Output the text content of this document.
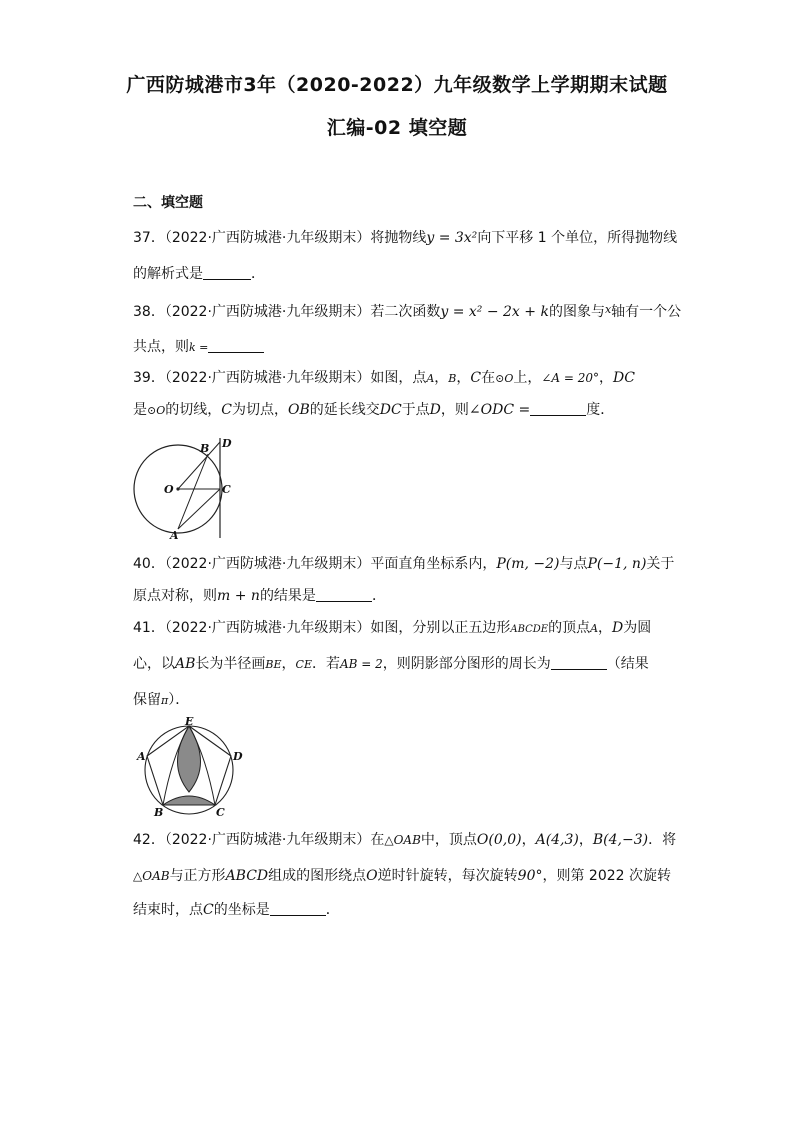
广西防城港市3年（2020-2022）九年级数学上学期期末试题
汇编-02 填空题
二、填空题
37．（2022·广西防城港·九年级期末）将抛物线y = 3x²向下平移 1 个单位，所得抛物线
的解析式是	．
38．（2022·广西防城港·九年级期末）若二次函数y = x² − 2x + k的图象与$^x$轴有一个公
共点，则k =
39．（2022·广西防城港·九年级期末）如图，点A，B，C在⊙O上，∠A = 20°，DC
是⊙O的切线，C为切点，OB的延长线交DC于点D，则∠ODC =	度．
B D
O	C
A
40．（2022·广西防城港·九年级期末）平面直角坐标系内，P(m, −2)与点P(−1, n)关于
原点对称，则m + n的结果是	．
41．（2022·广西防城港·九年级期末）如图，分别以正五边形ABCDE的顶点A，D为圆
心，以AB长为半径画BE，CE．若AB = 2，则阴影部分图形的周长为	（结果
保留π）．
E
A	D
B	C
42．（2022·广西防城港·九年级期末）在△OAB中，顶点O(0,0)，A(4,3)，B(4,−3)．将
△OAB与正方形ABCD组成的图形绕点O逆时针旋转，每次旋转90°，则第 2022 次旋转
结束时，点C的坐标是	．
